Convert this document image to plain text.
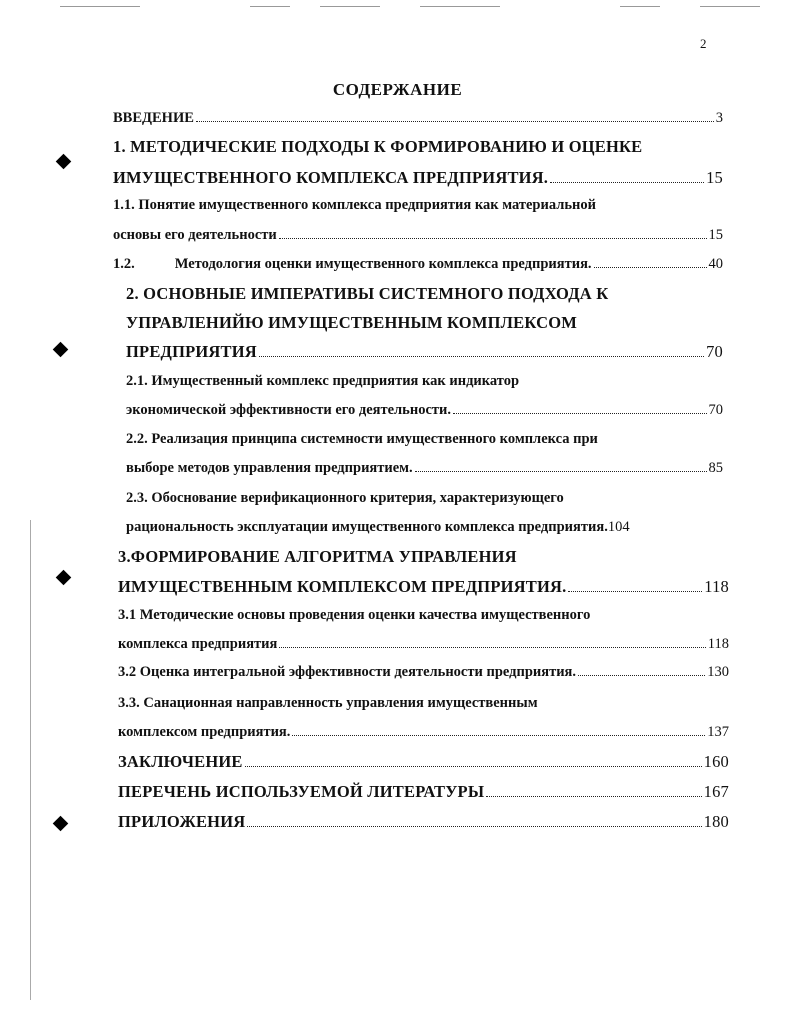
2
СОДЕРЖАНИЕ
ВВЕДЕНИЕ	3
1. МЕТОДИЧЕСКИЕ ПОДХОДЫ К ФОРМИРОВАНИЮ И ОЦЕНКЕ
ИМУЩЕСТВЕННОГО КОМПЛЕКСА ПРЕДПРИЯТИЯ.	15
1.1. Понятие имущественного комплекса предприятия как материальной
основы его деятельности	15
1.2.	Методология оценки имущественного комплекса предприятия.	40
2. ОСНОВНЫЕ ИМПЕРАТИВЫ СИСТЕМНОГО ПОДХОДА К
УПРАВЛЕНИЙЮ ИМУЩЕСТВЕННЫМ КОМПЛЕКСОМ
ПРЕДПРИЯТИЯ	70
2.1. Имущественный комплекс предприятия как индикатор
экономической эффективности его деятельности.	70
2.2. Реализация принципа системности имущественного комплекса при
выборе методов управления предприятием.	85
2.3. Обоснование верификационного критерия, характеризующего
рациональность эксплуатации имущественного комплекса предприятия. 104
3.ФОРМИРОВАНИЕ АЛГОРИТМА УПРАВЛЕНИЯ
ИМУЩЕСТВЕННЫМ КОМПЛЕКСОМ ПРЕДПРИЯТИЯ.	118
3.1 Методические основы проведения оценки качества имущественного
комплекса предприятия	118
3.2 Оценка интегральной эффективности деятельности предприятия.	130
3.3. Санационная направленность управления имущественным
комплексом предприятия.	137
ЗАКЛЮЧЕНИЕ	160
ПЕРЕЧЕНЬ ИСПОЛЬЗУЕМОЙ ЛИТЕРАТУРЫ	167
ПРИЛОЖЕНИЯ	180
